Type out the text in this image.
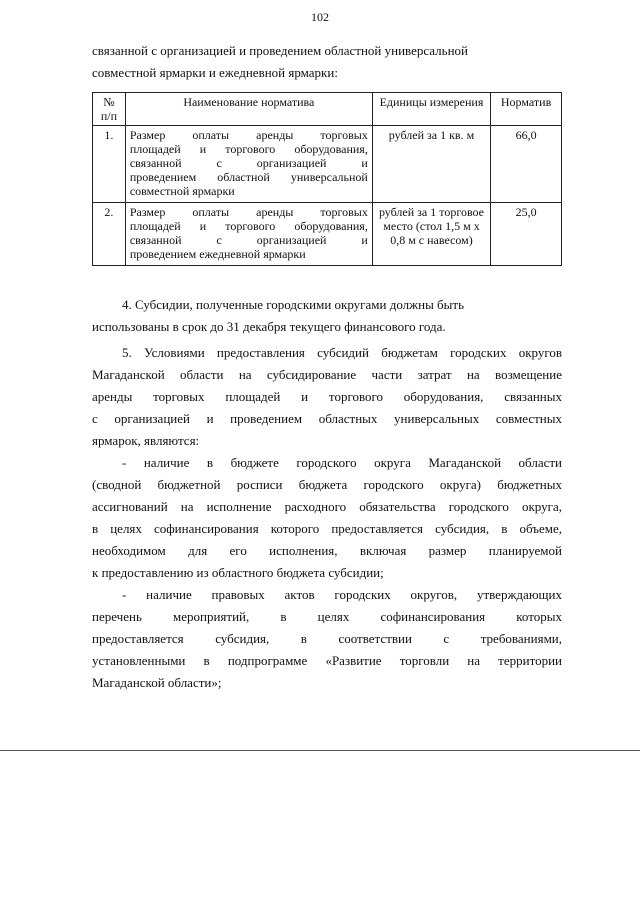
102
связанной с организацией и проведением областной универсальной
совместной ярмарки и ежедневной ярмарки:
№ п/п	Наименование норматива	Единицы измерения	Норматив
1.	Размер оплаты аренды торговых
площадей и торгового оборудования,
связанной с организацией и
проведением областной универсальной
совместной ярмарки	рублей за 1 кв. м	66,0
2.	Размер оплаты аренды торговых
площадей и торгового оборудования,
связанной с организацией и
проведением ежедневной ярмарки	рублей за 1 торговое место (стол 1,5 м х 0,8 м с навесом)	25,0
4. Субсидии, полученные городскими округами должны быть
использованы в срок до 31 декабря текущего финансового года.
5. Условиями предоставления субсидий бюджетам городских округов
Магаданской области на субсидирование части затрат на возмещение
аренды торговых площадей и торгового оборудования, связанных
с организацией и проведением областных универсальных совместных
ярмарок, являются:
- наличие в бюджете городского округа Магаданской области
(сводной бюджетной росписи бюджета городского округа) бюджетных
ассигнований на исполнение расходного обязательства городского округа,
в целях софинансирования которого предоставляется субсидия, в объеме,
необходимом для его исполнения, включая размер планируемой
к предоставлению из областного бюджета субсидии;
- наличие правовых актов городских округов, утверждающих
перечень мероприятий, в целях софинансирования которых
предоставляется субсидия, в соответствии с требованиями,
установленными в подпрограмме «Развитие торговли на территории
Магаданской области»;
